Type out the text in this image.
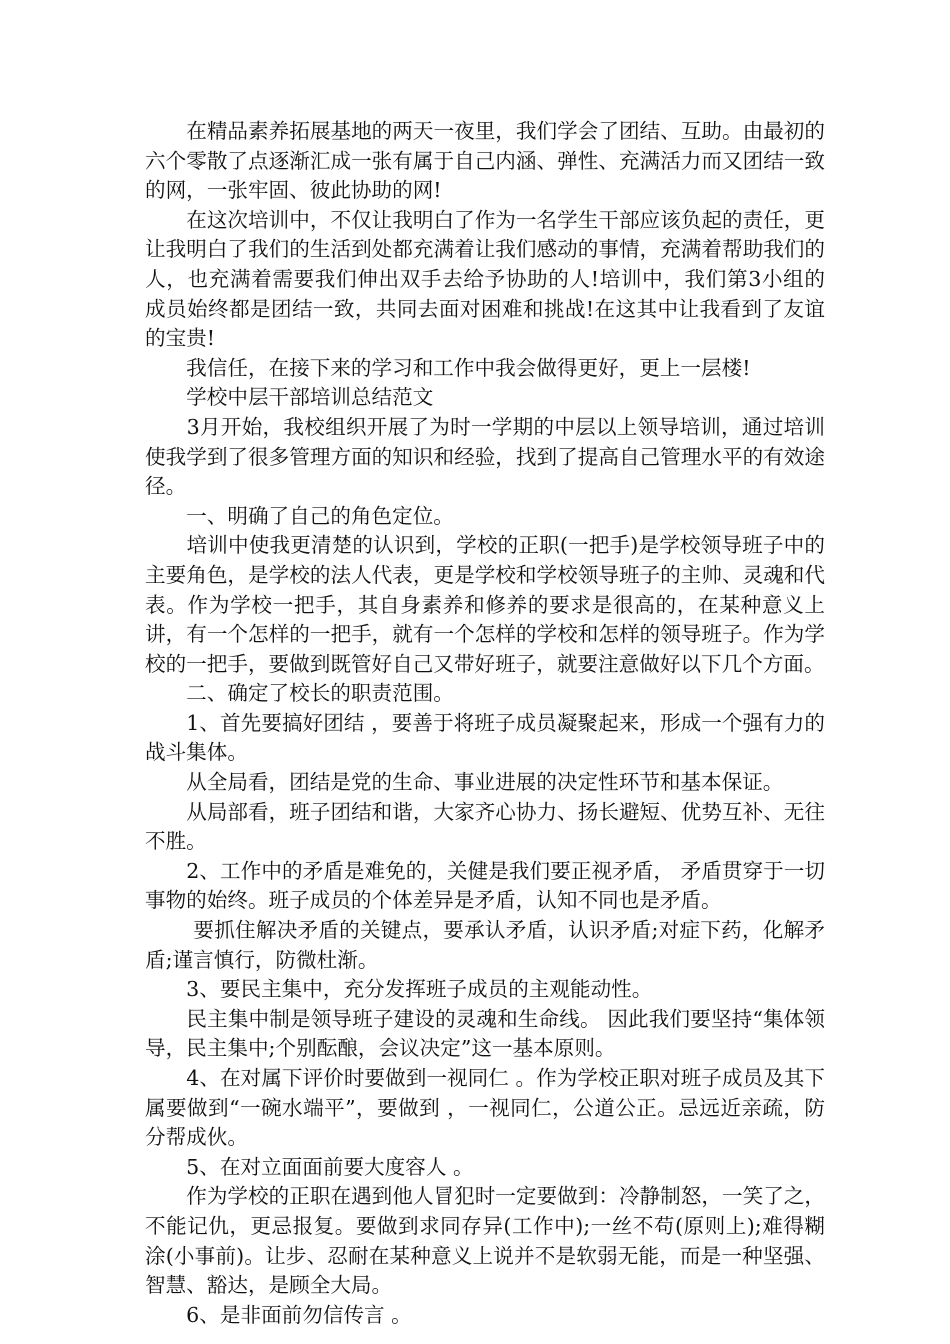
　　在精品素养拓展基地的两天一夜里，我们学会了团结、互助。由最初的六个零散了点逐渐汇成一张有属于自己内涵、弹性、充满活力而又团结一致的网，一张牢固、彼此协助的网!

　　在这次培训中，不仅让我明白了作为一名学生干部应该负起的责任，更让我明白了我们的生活到处都充满着让我们感动的事情，充满着帮助我们的人，也充满着需要我们伸出双手去给予协助的人!培训中，我们第3小组的成员始终都是团结一致，共同去面对困难和挑战!在这其中让我看到了友谊的宝贵!

　　我信任，在接下来的学习和工作中我会做得更好，更上一层楼!

　　学校中层干部培训总结范文

　　3月开始，我校组织开展了为时一学期的中层以上领导培训，通过培训使我学到了很多管理方面的知识和经验，找到了提高自己管理水平的有效途径。

　　一、明确了自己的角色定位。

　　培训中使我更清楚的认识到，学校的正职(一把手)是学校领导班子中的主要角色，是学校的法人代表，更是学校和学校领导班子的主帅、灵魂和代表。作为学校一把手，其自身素养和修养的要求是很高的，在某种意义上讲，有一个怎样的一把手，就有一个怎样的学校和怎样的领导班子。作为学校的一把手，要做到既管好自己又带好班子，就要注意做好以下几个方面。

　　二、确定了校长的职责范围。

　　1、首先要搞好团结 ，要善于将班子成员凝聚起来，形成一个强有力的战斗集体。

　　从全局看，团结是党的生命、事业进展的决定性环节和基本保证。

　　从局部看，班子团结和谐，大家齐心协力、扬长避短、优势互补、无往不胜。

　　2、工作中的矛盾是难免的，关健是我们要正视矛盾， 矛盾贯穿于一切事物的始终。班子成员的个体差异是矛盾，认知不同也是矛盾。

　　 要抓住解决矛盾的关键点，要承认矛盾，认识矛盾;对症下药，化解矛盾;谨言慎行，防微杜渐。

　　3、要民主集中，充分发挥班子成员的主观能动性。

　　民主集中制是领导班子建设的灵魂和生命线。 因此我们要坚持“集体领导，民主集中;个别酝酿，会议决定”这一基本原则。

　　4、在对属下评价时要做到一视同仁 。作为学校正职对班子成员及其下属要做到“一碗水端平”，要做到 ，一视同仁，公道公正。忌远近亲疏，防分帮成伙。

　　5、在对立面面前要大度容人 。

　　作为学校的正职在遇到他人冒犯时一定要做到：冷静制怒，一笑了之，不能记仇，更忌报复。要做到求同存异(工作中);一丝不苟(原则上);难得糊涂(小事前)。让步、忍耐在某种意义上说并不是软弱无能，而是一种坚强、智慧、豁达，是顾全大局。

　　6、是非面前勿信传言 。
